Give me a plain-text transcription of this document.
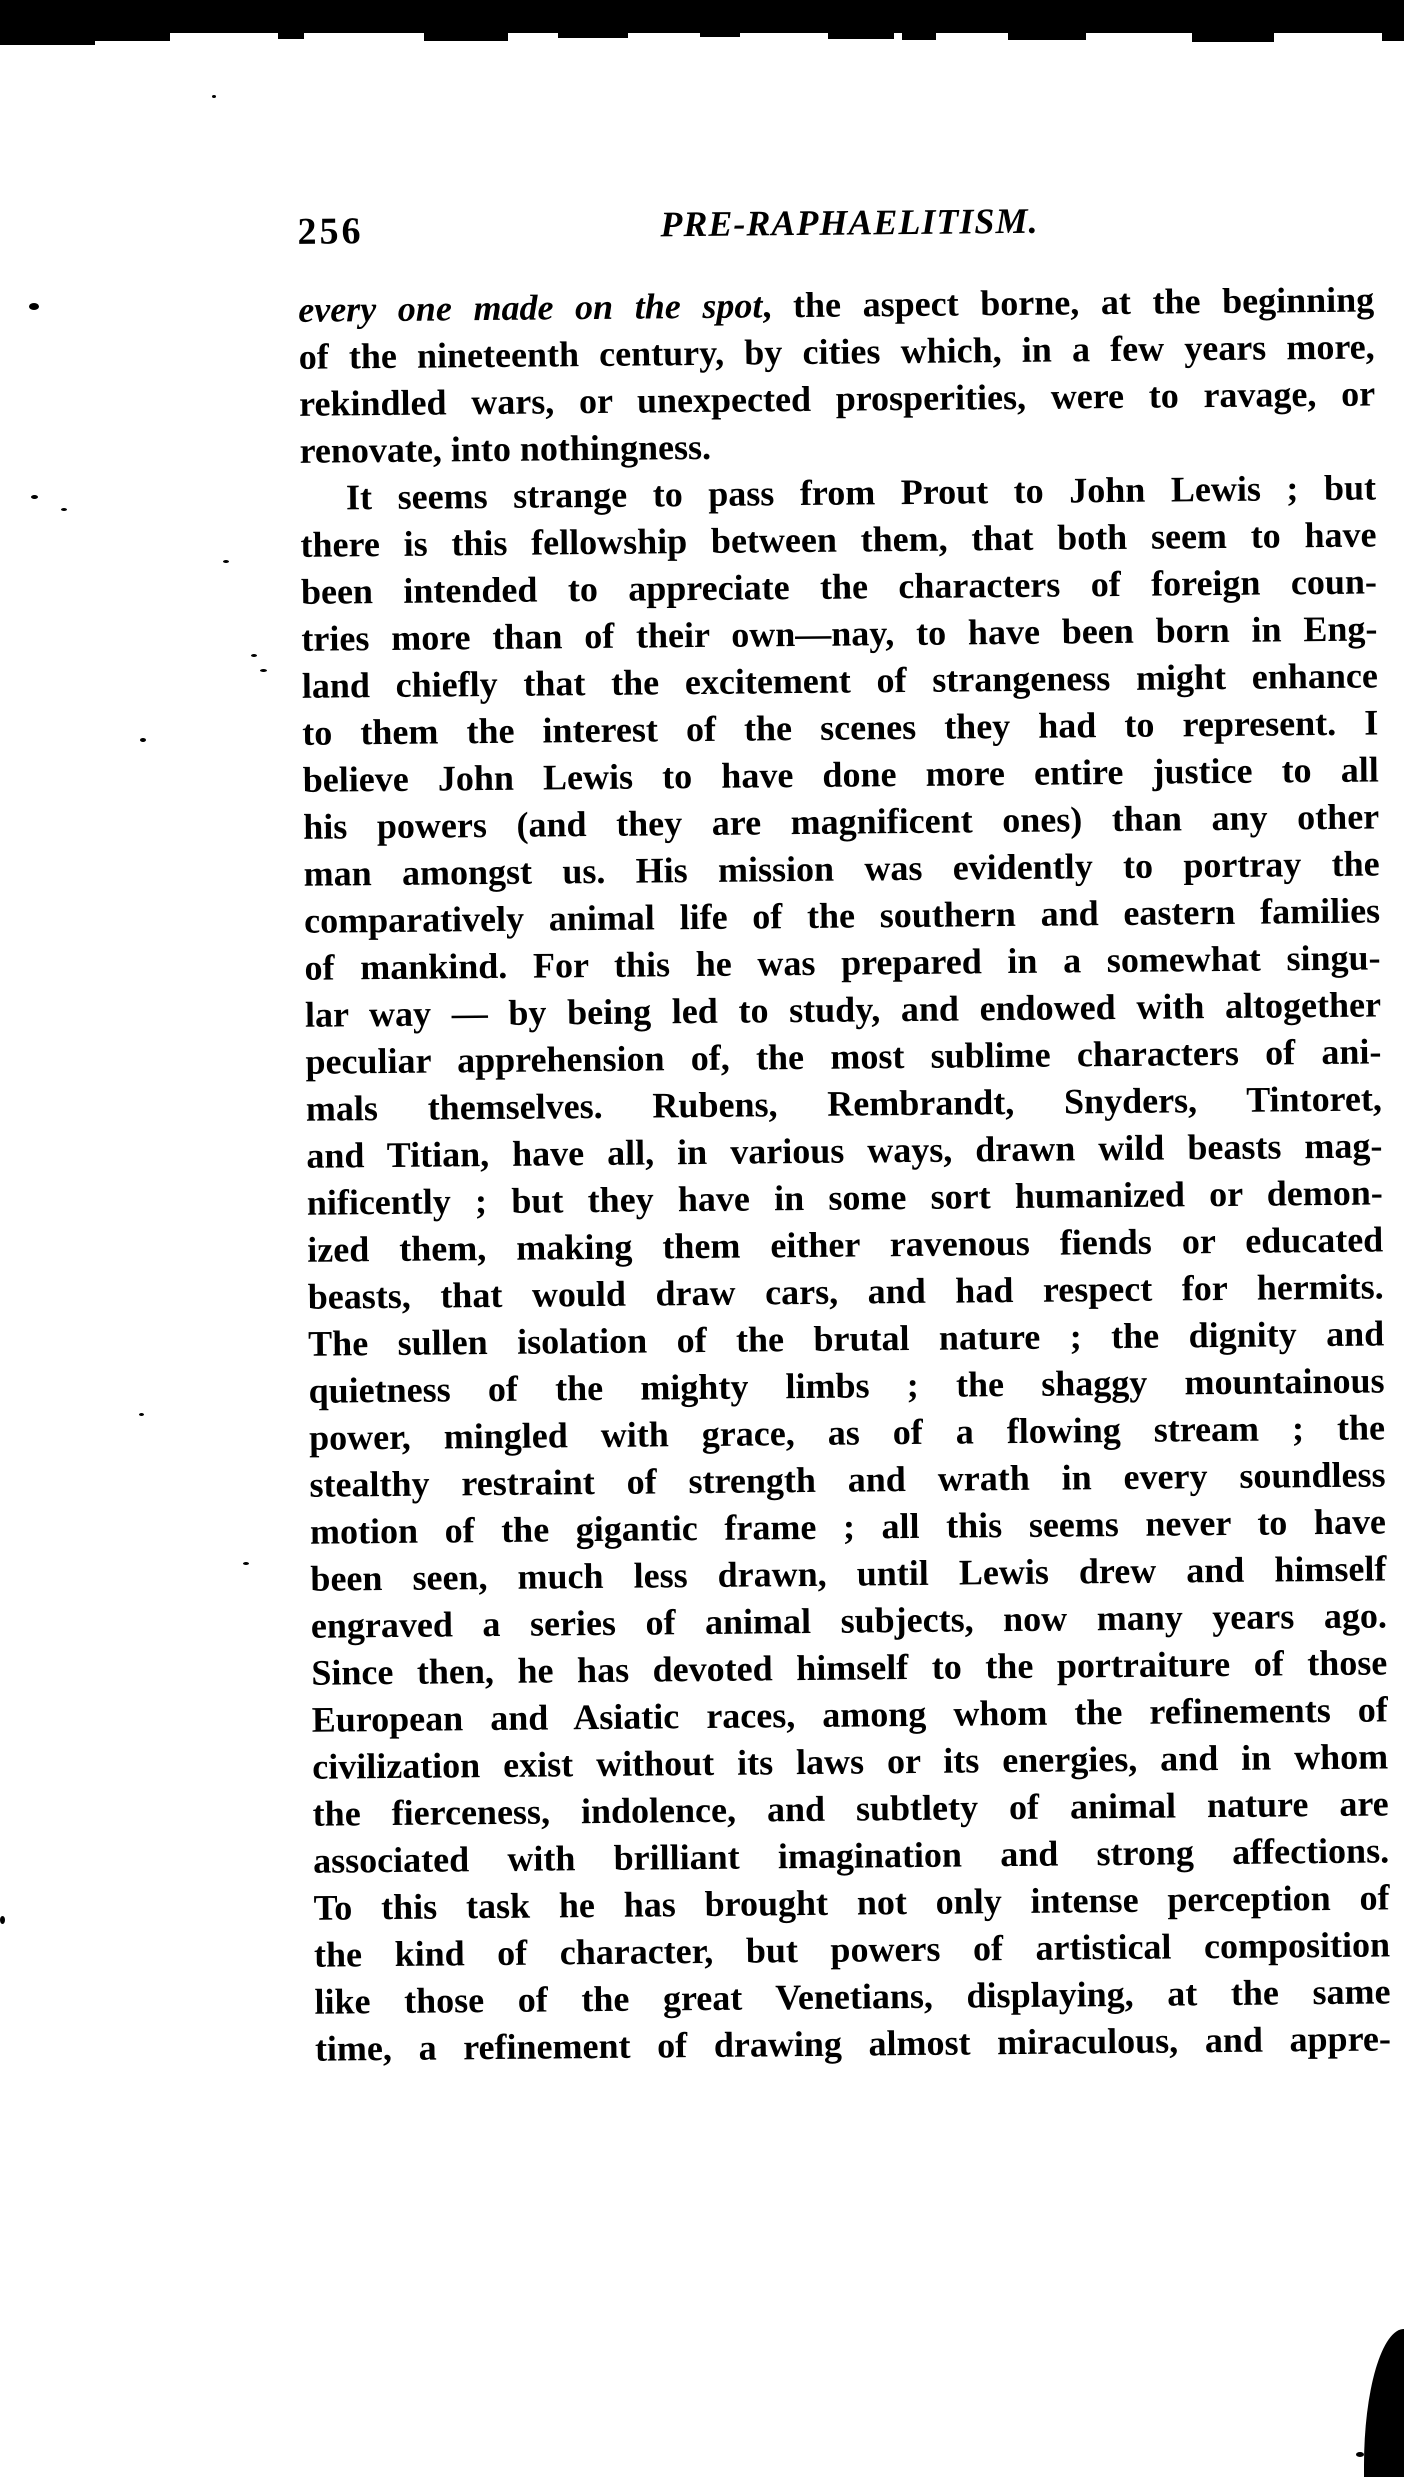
256	PRE-RAPHAELITISM.
every one made on the spot, the aspect borne, at the beginning
of the nineteenth century, by cities which, in a few years more,
rekindled wars, or unexpected prosperities, were to ravage, or
renovate, into nothingness.
It seems strange to pass from Prout to John Lewis ; but
there is this fellowship between them, that both seem to have
been intended to appreciate the characters of foreign coun-
tries more than of their own—nay, to have been born in Eng-
land chiefly that the excitement of strangeness might enhance
to them the interest of the scenes they had to represent. I
believe John Lewis to have done more entire justice to all
his powers (and they are magnificent ones) than any other
man amongst us. His mission was evidently to portray the
comparatively animal life of the southern and eastern families
of mankind. For this he was prepared in a somewhat singu-
lar way — by being led to study, and endowed with altogether
peculiar apprehension of, the most sublime characters of ani-
mals themselves. Rubens, Rembrandt, Snyders, Tintoret,
and Titian, have all, in various ways, drawn wild beasts mag-
nificently ; but they have in some sort humanized or demon-
ized them, making them either ravenous fiends or educated
beasts, that would draw cars, and had respect for hermits.
The sullen isolation of the brutal nature ; the dignity and
quietness of the mighty limbs ; the shaggy mountainous
power, mingled with grace, as of a flowing stream ; the
stealthy restraint of strength and wrath in every soundless
motion of the gigantic frame ; all this seems never to have
been seen, much less drawn, until Lewis drew and himself
engraved a series of animal subjects, now many years ago.
Since then, he has devoted himself to the portraiture of those
European and Asiatic races, among whom the refinements of
civilization exist without its laws or its energies, and in whom
the fierceness, indolence, and subtlety of animal nature are
associated with brilliant imagination and strong affections.
To this task he has brought not only intense perception of
the kind of character, but powers of artistical composition
like those of the great Venetians, displaying, at the same
time, a refinement of drawing almost miraculous, and appre-
